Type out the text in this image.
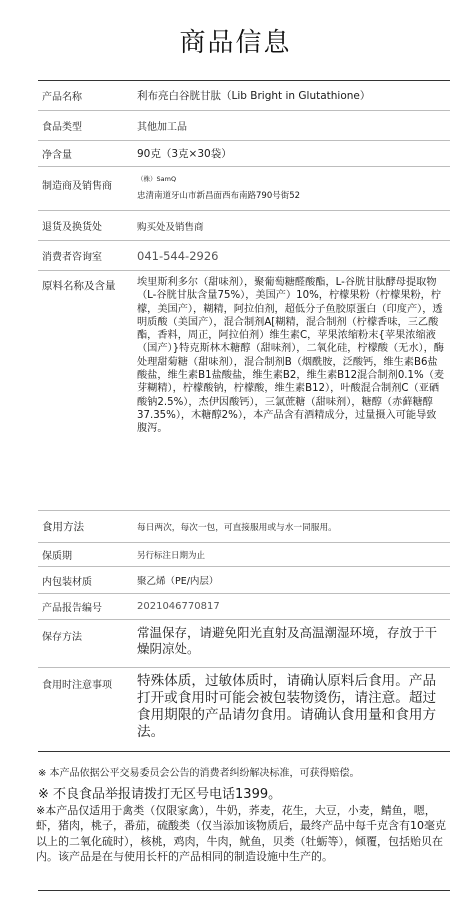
商品信息
产品名称	利布亮白谷胱甘肽（Lib Bright in Glutathione）
食品类型	其他加工品
净含量	90克（3克×30袋）
制造商及销售商
（株）SamQ
忠清南道牙山市新昌面西布南路790号街52
退货及换货处	购买处及销售商
消费者咨询室	041-544-2926
原料名称及含量	埃里斯利多尔（甜味剂），聚葡萄糖醛酸酯，L-谷胱甘肽酵母提取物（L-谷胱甘肽含量75%），美国产）10%，柠檬果粉（柠檬果粉，柠檬，美国产），糊精，阿拉伯剂，超低分子鱼胶原蛋白（印度产），透明质酸（美国产），混合制剂A[糊精，混合制剂（柠檬香味，三乙酸酯，香料，周正，阿拉伯剂）维生素C，苹果浓缩粉末{苹果浓缩液（国产）}特克斯林木糖醇（甜味剂），二氧化硅，柠檬酸（无水），酶处理甜菊糖（甜味剂），混合制剂B（烟酰胺，泛酸钙，维生素B6盐酸盐，维生素B1盐酸盐，维生素B2，维生素B12混合制剂0.1%（麦芽糊精），柠檬酸钠，柠檬酸，维生素B12），叶酸混合制剂C（亚硒酸钠2.5%），杰伊因酸钙），三氯蔗糖（甜味剂），糖醇（赤藓糖醇37.35%），木糖醇2%），本产品含有酒精成分，过量摄入可能导致腹泻。
食用方法	每日两次，每次一包，可直接服用或与水一同服用。
保质期	另行标注日期为止
内包装材质	聚乙烯（PE/内层）
产品报告编号	2021046770817
保存方法	常温保存，请避免阳光直射及高温潮湿环境，存放于干燥阴凉处。
食用时注意事项	特殊体质，过敏体质时，请确认原料后食用。产品打开或食用时可能会被包装物烫伤，请注意。超过食用期限的产品请勿食用。请确认食用量和食用方法。
※ 本产品依据公平交易委员会公告的消费者纠纷解决标准，可获得赔偿。
※ 不良食品举报请拨打无区号电话1399。
※本产品仅适用于禽类（仅限家禽），牛奶，荞麦，花生，大豆，小麦，鲭鱼，嗯，虾，猪肉，桃子，番茄，硫酸类（仅当添加该物质后，最终产品中每千克含有10毫克以上的二氧化硫时），核桃，鸡肉，牛肉，鱿鱼，贝类（牡蛎等），倾覆，包括贻贝在内。该产品是在与使用长杆的产品相同的制造设施中生产的。
